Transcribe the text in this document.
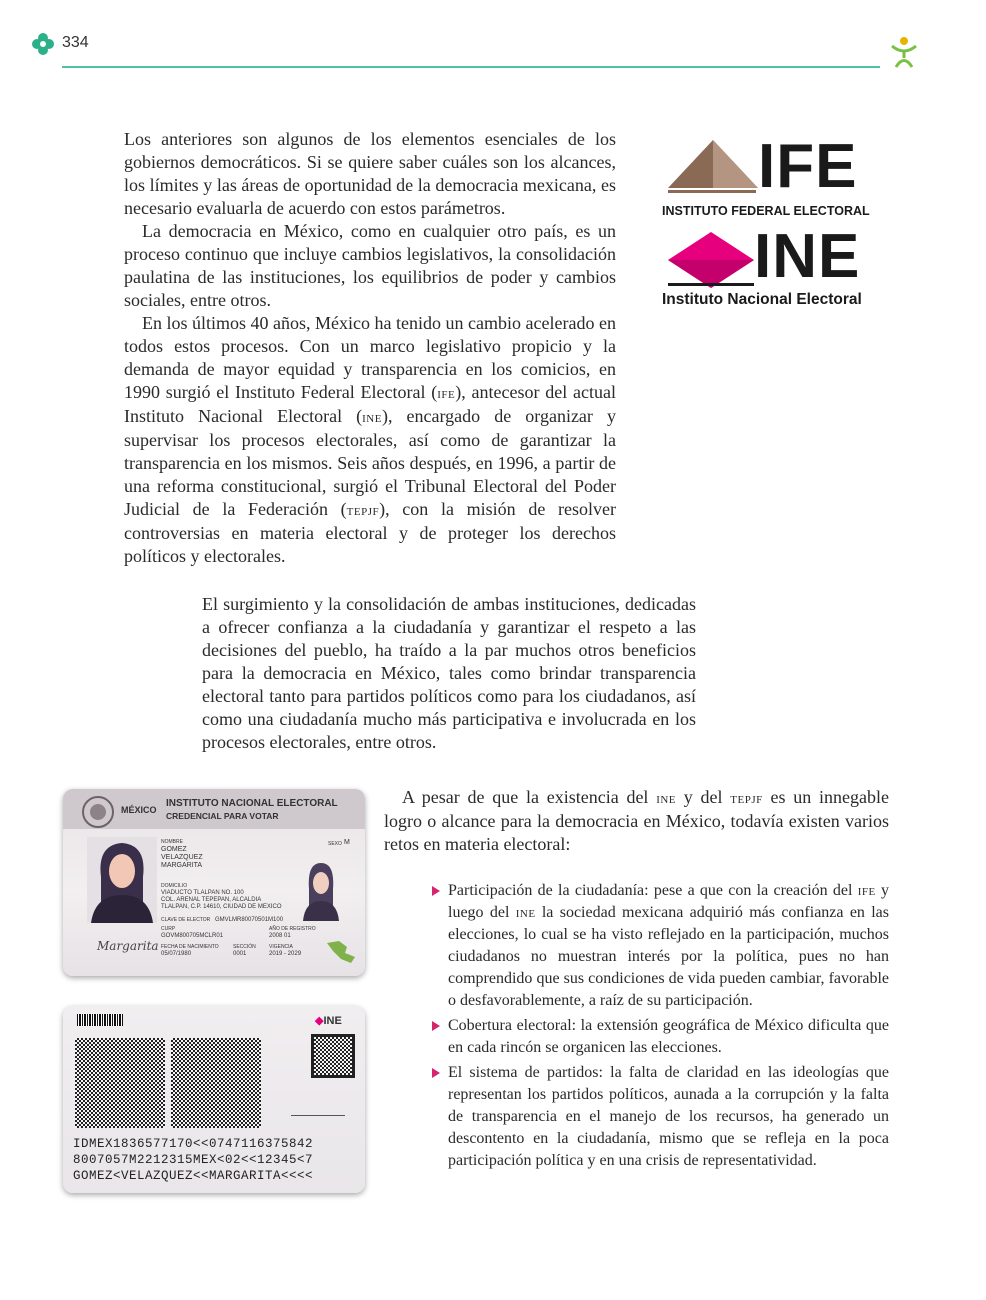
334
IFE
INSTITUTO FEDERAL ELECTORAL
INE
Instituto Nacional Electoral

Los anteriores son algunos de los elementos esenciales de los gobiernos democráticos. Si se quiere saber cuáles son los alcances, los límites y las áreas de oportunidad de la democracia mexicana, es necesario evaluarla de acuerdo con estos parámetros.

La democracia en México, como en cualquier otro país, es un proceso continuo que incluye cambios legislativos, la consolidación paulatina de las instituciones, los equilibrios de poder y cambios sociales, entre otros.

En los últimos 40 años, México ha tenido un cambio acelerado en todos estos procesos. Con un marco legislativo propicio y la demanda de mayor equidad y transparencia en los comicios, en 1990 surgió el Instituto Federal Electoral (ife), antecesor del actual Instituto Nacional Electoral (ine), encargado de organizar y supervisar los procesos electorales, así como de garantizar la transparencia en los mismos. Seis años después, en 1996, a partir de una reforma constitucional, surgió el Tribunal Electoral del Poder Judicial de la Federación (tepjf), con la misión de resolver controversias en materia electoral y de proteger los derechos políticos y electorales.

El surgimiento y la consolidación de ambas instituciones, dedicadas a ofrecer confianza a la ciudadanía y garantizar el respeto a las decisiones del pueblo, ha traído a la par muchos otros beneficios para la democracia en México, tales como brindar transparencia electoral tanto para partidos políticos como para los ciudadanos, así como una ciudadanía mucho más participativa e involucrada en los procesos electorales, entre otros.
A pesar de que la existencia del ine y del tepjf es un innegable logro o alcance para la democracia en México, todavía existen varios retos en materia electoral:
Participación de la ciudadanía: pese a que con la creación del ife y luego del ine la sociedad mexicana adquirió más confianza en las elecciones, lo cual se ha visto reflejado en la participación, muchos ciudadanos no muestran interés por la política, pues no han comprendido que sus condiciones de vida pueden cambiar, favorable o desfavorablemente, a raíz de su participación.
Cobertura electoral: la extensión geográfica de México dificulta que en cada rincón se organicen las elecciones.
El sistema de partidos: la falta de claridad en las ideologías que representan los partidos políticos, aunada a la corrupción y la falta de transparencia en el manejo de los recursos, ha generado un descontento en la ciudadanía, mismo que se refleja en la poca participación política y en una crisis de representatividad.
MÉXICO
INSTITUTO NACIONAL ELECTORAL
CREDENCIAL PARA VOTAR
Margarita
NOMBRE
GOMEZ
VELAZQUEZ
MARGARITA
SEXO M
DOMICILIO
VIADUCTO TLALPAN NO. 100
COL. ARENAL TEPEPAN, ALCALDIA
TLALPAN, C.P. 14610, CIUDAD DE MEXICO
CLAVE DE ELECTOR GMVLMR80070501M100
CURP
GOVM800705MCLR01
AÑO DE REGISTRO
2008 01
FECHA DE NACIMIENTO
05/07/1980
SECCIÓN
0001
VIGENCIA
2019 - 2029
◆INE
IDMEX1836577170<<0747116375842
8007057M2212315MEX<02<<12345<7
GOMEZ<VELAZQUEZ<<MARGARITA<<<<
